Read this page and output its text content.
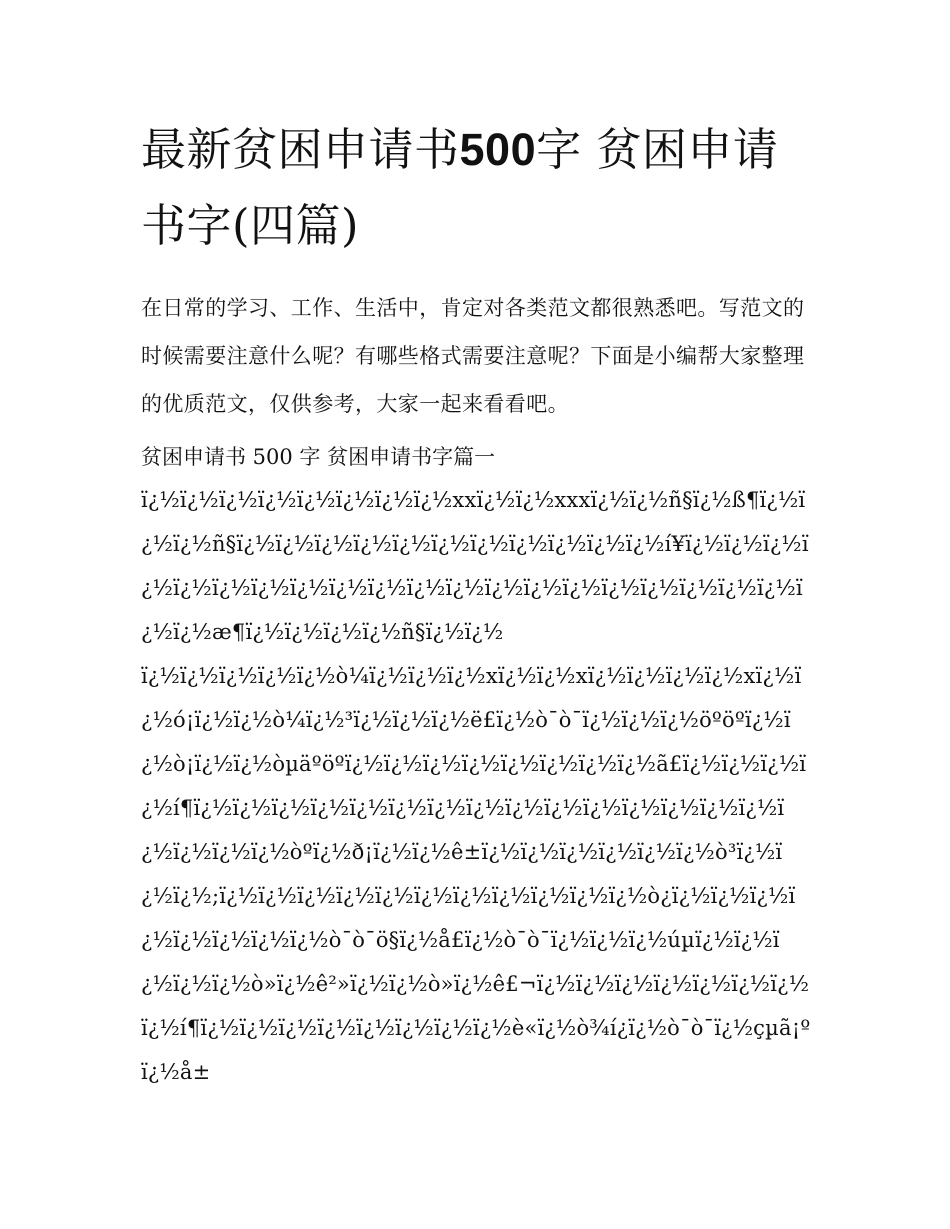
最新贫困申请书500字 贫困申请书字(四篇)

在日常的学习、工作、生活中，肯定对各类范文都很熟悉吧。写范文的时候需要注意什么呢？有哪些格式需要注意呢？下面是小编帮大家整理的优质范文，仅供参考，大家一起来看看吧。

贫困申请书 500 字 贫困申请书字篇一

ï¿½ï¿½ï¿½ï¿½ï¿½ï¿½ï¿½ï¿½xxï¿½ï¿½xxxï¿½ï¿½ñ§ï¿½ß¶ï¿½ï¿½ï¿½ñ§ï¿½ï¿½ï¿½ï¿½ï¿½ï¿½ï¿½ï¿½ï¿½ï¿½ï¿½í¥ï¿½ï¿½ï¿½ï¿½ï¿½ï¿½ï¿½ï¿½ï¿½ï¿½ï¿½ï¿½ï¿½ï¿½ï¿½ï¿½ï¿½ï¿½ï¿½ï¿½ï¿½ï¿½æ¶ï¿½ï¿½ï¿½ï¿½ñ§ï¿½ï¿½

ï¿½ï¿½ï¿½ï¿½ï¿½ò¼ï¿½ï¿½ï¿½xï¿½ï¿½xï¿½ï¿½ï¿½ï¿½xï¿½ï¿½ó¡ï¿½ï¿½ò¼ï¿½³ï¿½ï¿½ï¿½ë£ï¿½ò¯ò¯ï¿½ï¿½ï¿½öºöºï¿½ï¿½ò¡ï¿½ï¿½òµäºöºï¿½ï¿½ï¿½ï¿½ï¿½ï¿½ï¿½ï¿½ã£ï¿½ï¿½ï¿½ï¿½í¶ï¿½ï¿½ï¿½ï¿½ï¿½ï¿½ï¿½ï¿½ï¿½ï¿½ï¿½ï¿½ï¿½ï¿½ï¿½ï¿½ï¿½ï¿½ï¿½òºï¿½ð¡ï¿½ï¿½ê±ï¿½ï¿½ï¿½ï¿½ï¿½ï¿½ò³ï¿½ï¿½ï¿½;ï¿½ï¿½ï¿½ï¿½ï¿½ï¿½ï¿½ï¿½ï¿½ï¿½ï¿½ò¿ï¿½ï¿½ï¿½ï¿½ï¿½ï¿½ï¿½ï¿½ò¯ò¯ö§ï¿½å£ï¿½ò¯ò¯ï¿½ï¿½ï¿½úµï¿½ï¿½ï¿½ï¿½ï¿½ò»ï¿½ê²»ï¿½ï¿½ò»ï¿½ê£¬ï¿½ï¿½ï¿½ï¿½ï¿½ï¿½ï¿½ï¿½í¶ï¿½ï¿½ï¿½ï¿½ï¿½ï¿½ï¿½ï¿½è«ï¿½ò¾í¿ï¿½ò¯ò¯ï¿½çµã¡ºï¿½å±
